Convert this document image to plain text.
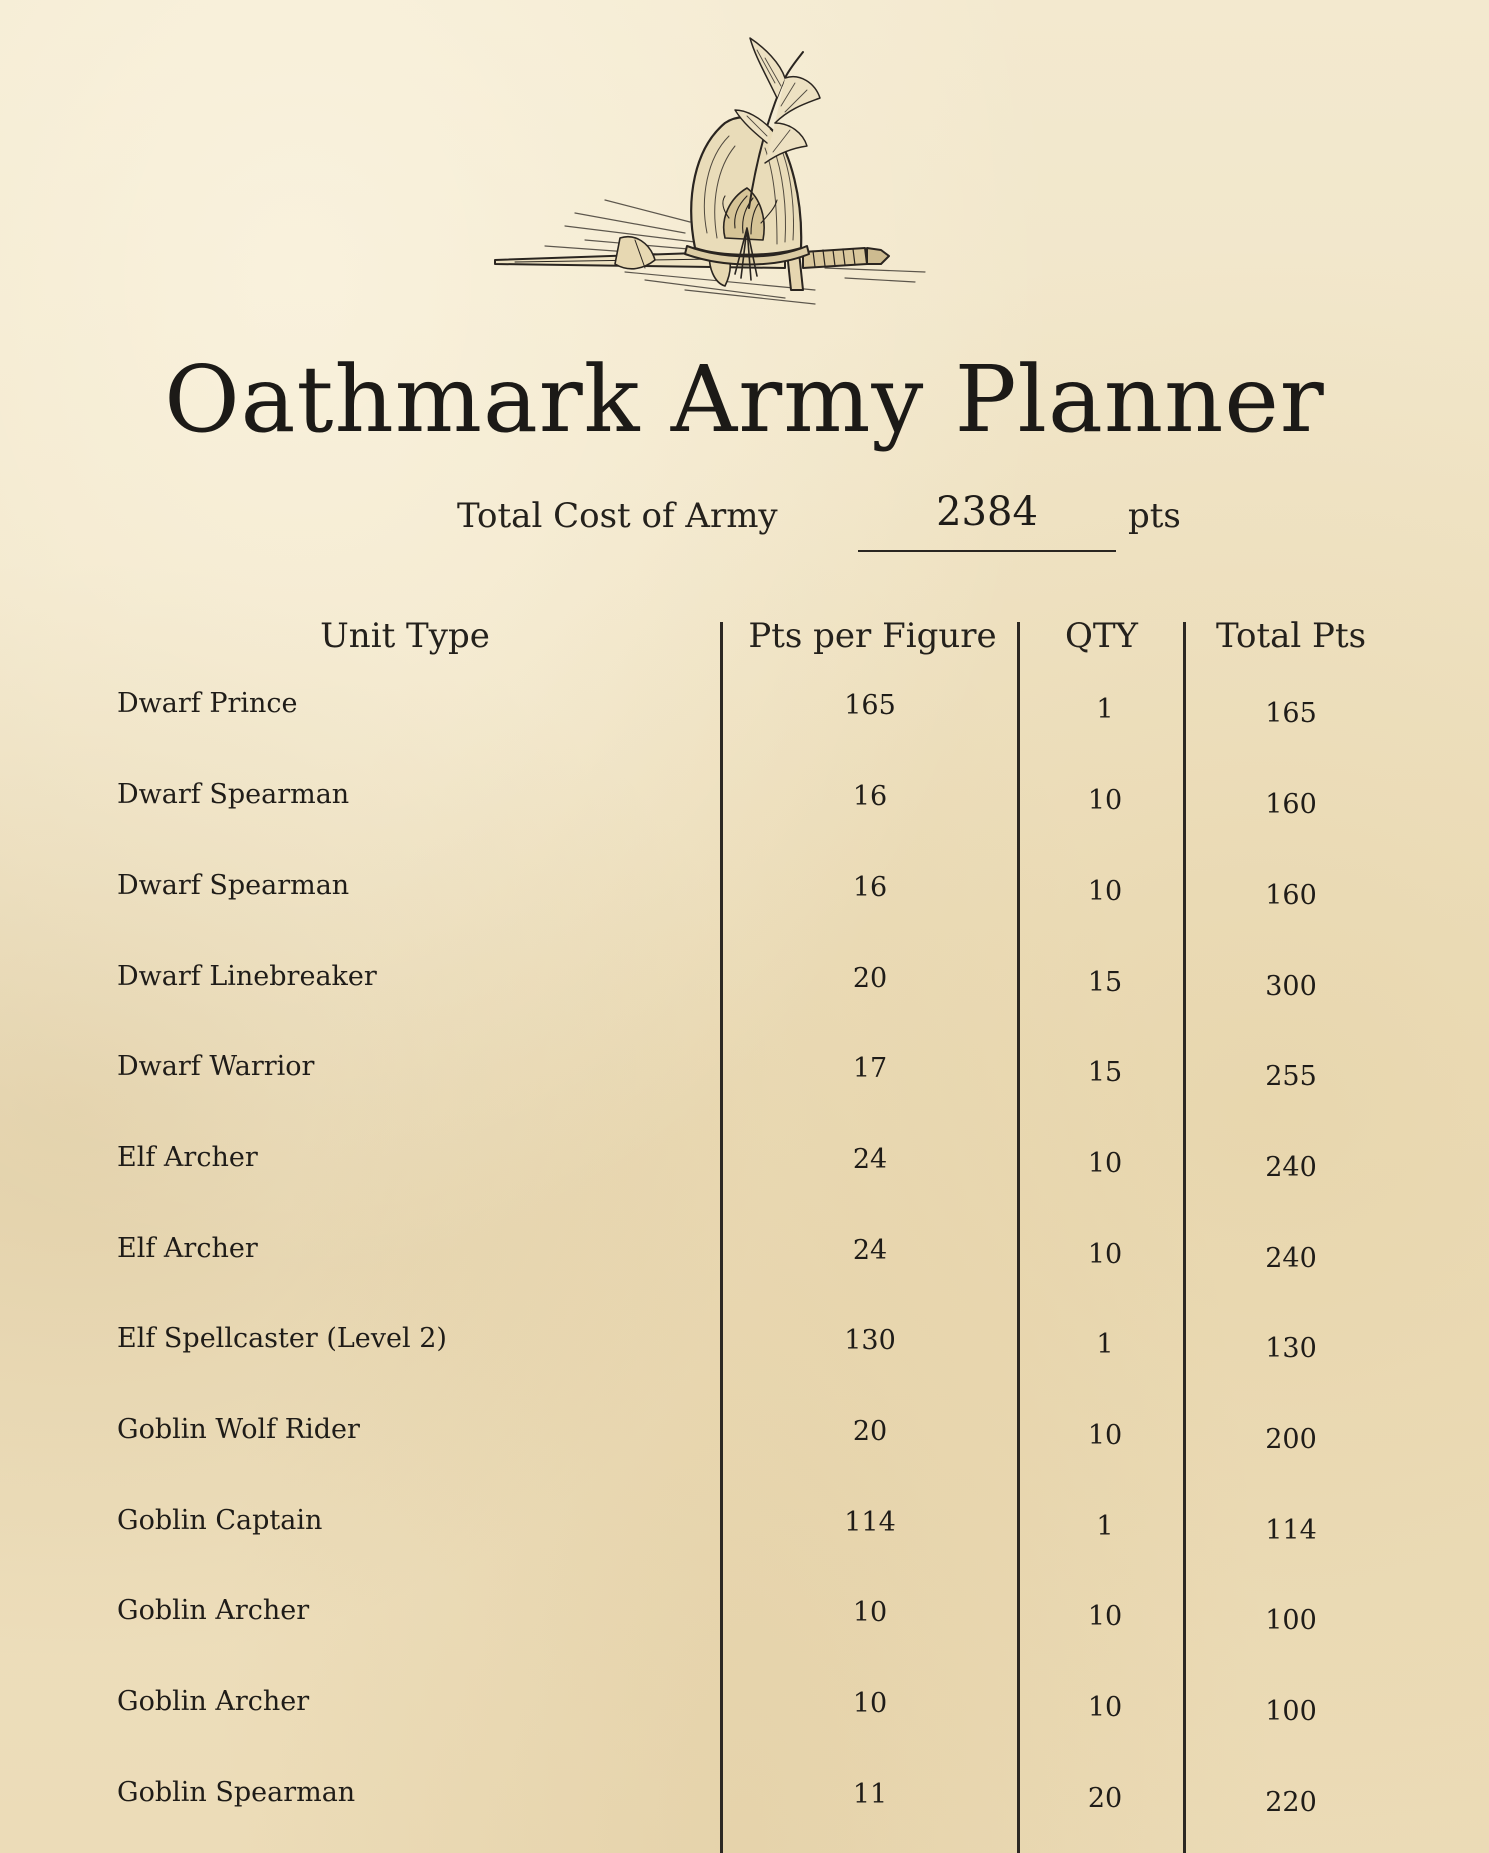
Oathmark Army Planner
Total Cost of Army	2384	pts
Unit Type	Pts per Figure	QTY	Total Pts
Dwarf Prince	165	1	165
Dwarf Spearman	16	10	160
Dwarf Spearman	16	10	160
Dwarf Linebreaker	20	15	300
Dwarf Warrior	17	15	255
Elf Archer	24	10	240
Elf Archer	24	10	240
Elf Spellcaster (Level 2)	130	1	130
Goblin Wolf Rider	20	10	200
Goblin Captain	114	1	114
Goblin Archer	10	10	100
Goblin Archer	10	10	100
Goblin Spearman	11	20	220
